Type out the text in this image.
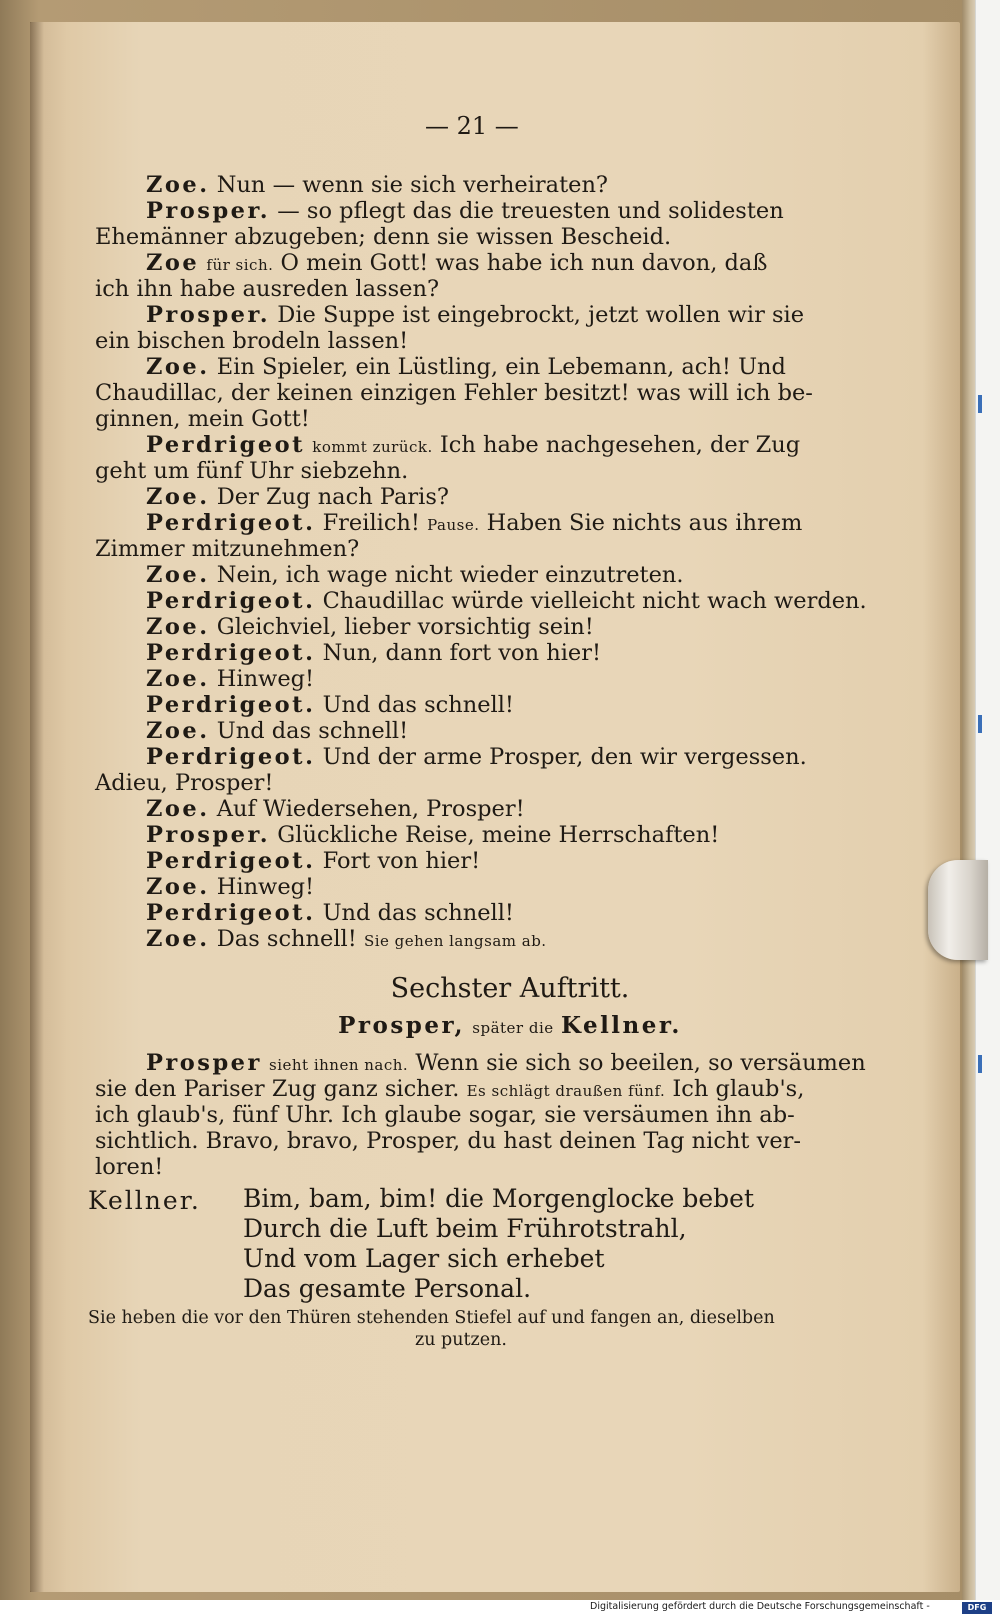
— 21 —
Zoe. Nun — wenn sie sich verheiraten?
Prosper. — so pflegt das die treuesten und solidesten
Ehemänner abzugeben; denn sie wissen Bescheid.
Zoe für sich. O mein Gott! was habe ich nun davon, daß
ich ihn habe ausreden lassen?
Prosper. Die Suppe ist eingebrockt, jetzt wollen wir sie
ein bischen brodeln lassen!
Zoe. Ein Spieler, ein Lüstling, ein Lebemann, ach! Und
Chaudillac, der keinen einzigen Fehler besitzt! was will ich be-
ginnen, mein Gott!
Perdrigeot kommt zurück. Ich habe nachgesehen, der Zug
geht um fünf Uhr siebzehn.
Zoe. Der Zug nach Paris?
Perdrigeot. Freilich! Pause. Haben Sie nichts aus ihrem
Zimmer mitzunehmen?
Zoe. Nein, ich wage nicht wieder einzutreten.
Perdrigeot. Chaudillac würde vielleicht nicht wach werden.
Zoe. Gleichviel, lieber vorsichtig sein!
Perdrigeot. Nun, dann fort von hier!
Zoe. Hinweg!
Perdrigeot. Und das schnell!
Zoe. Und das schnell!
Perdrigeot. Und der arme Prosper, den wir vergessen.
Adieu, Prosper!
Zoe. Auf Wiedersehen, Prosper!
Prosper. Glückliche Reise, meine Herrschaften!
Perdrigeot. Fort von hier!
Zoe. Hinweg!
Perdrigeot. Und das schnell!
Zoe. Das schnell! Sie gehen langsam ab.
Sechster Auftritt.
Prosper, später die Kellner.
Prosper sieht ihnen nach. Wenn sie sich so beeilen, so versäumen
sie den Pariser Zug ganz sicher. Es schlägt draußen fünf. Ich glaub's,
ich glaub's, fünf Uhr. Ich glaube sogar, sie versäumen ihn ab-
sichtlich. Bravo, bravo, Prosper, du hast deinen Tag nicht ver-
loren!
Kellner. Bim, bam, bim! die Morgenglocke bebet
Durch die Luft beim Frührotstrahl,
Und vom Lager sich erhebet
Das gesamte Personal.
Sie heben die vor den Thüren stehenden Stiefel auf und fangen an, dieselben
zu putzen.
Digitalisierung gefördert durch die Deutsche Forschungsgemeinschaft -	DFG
